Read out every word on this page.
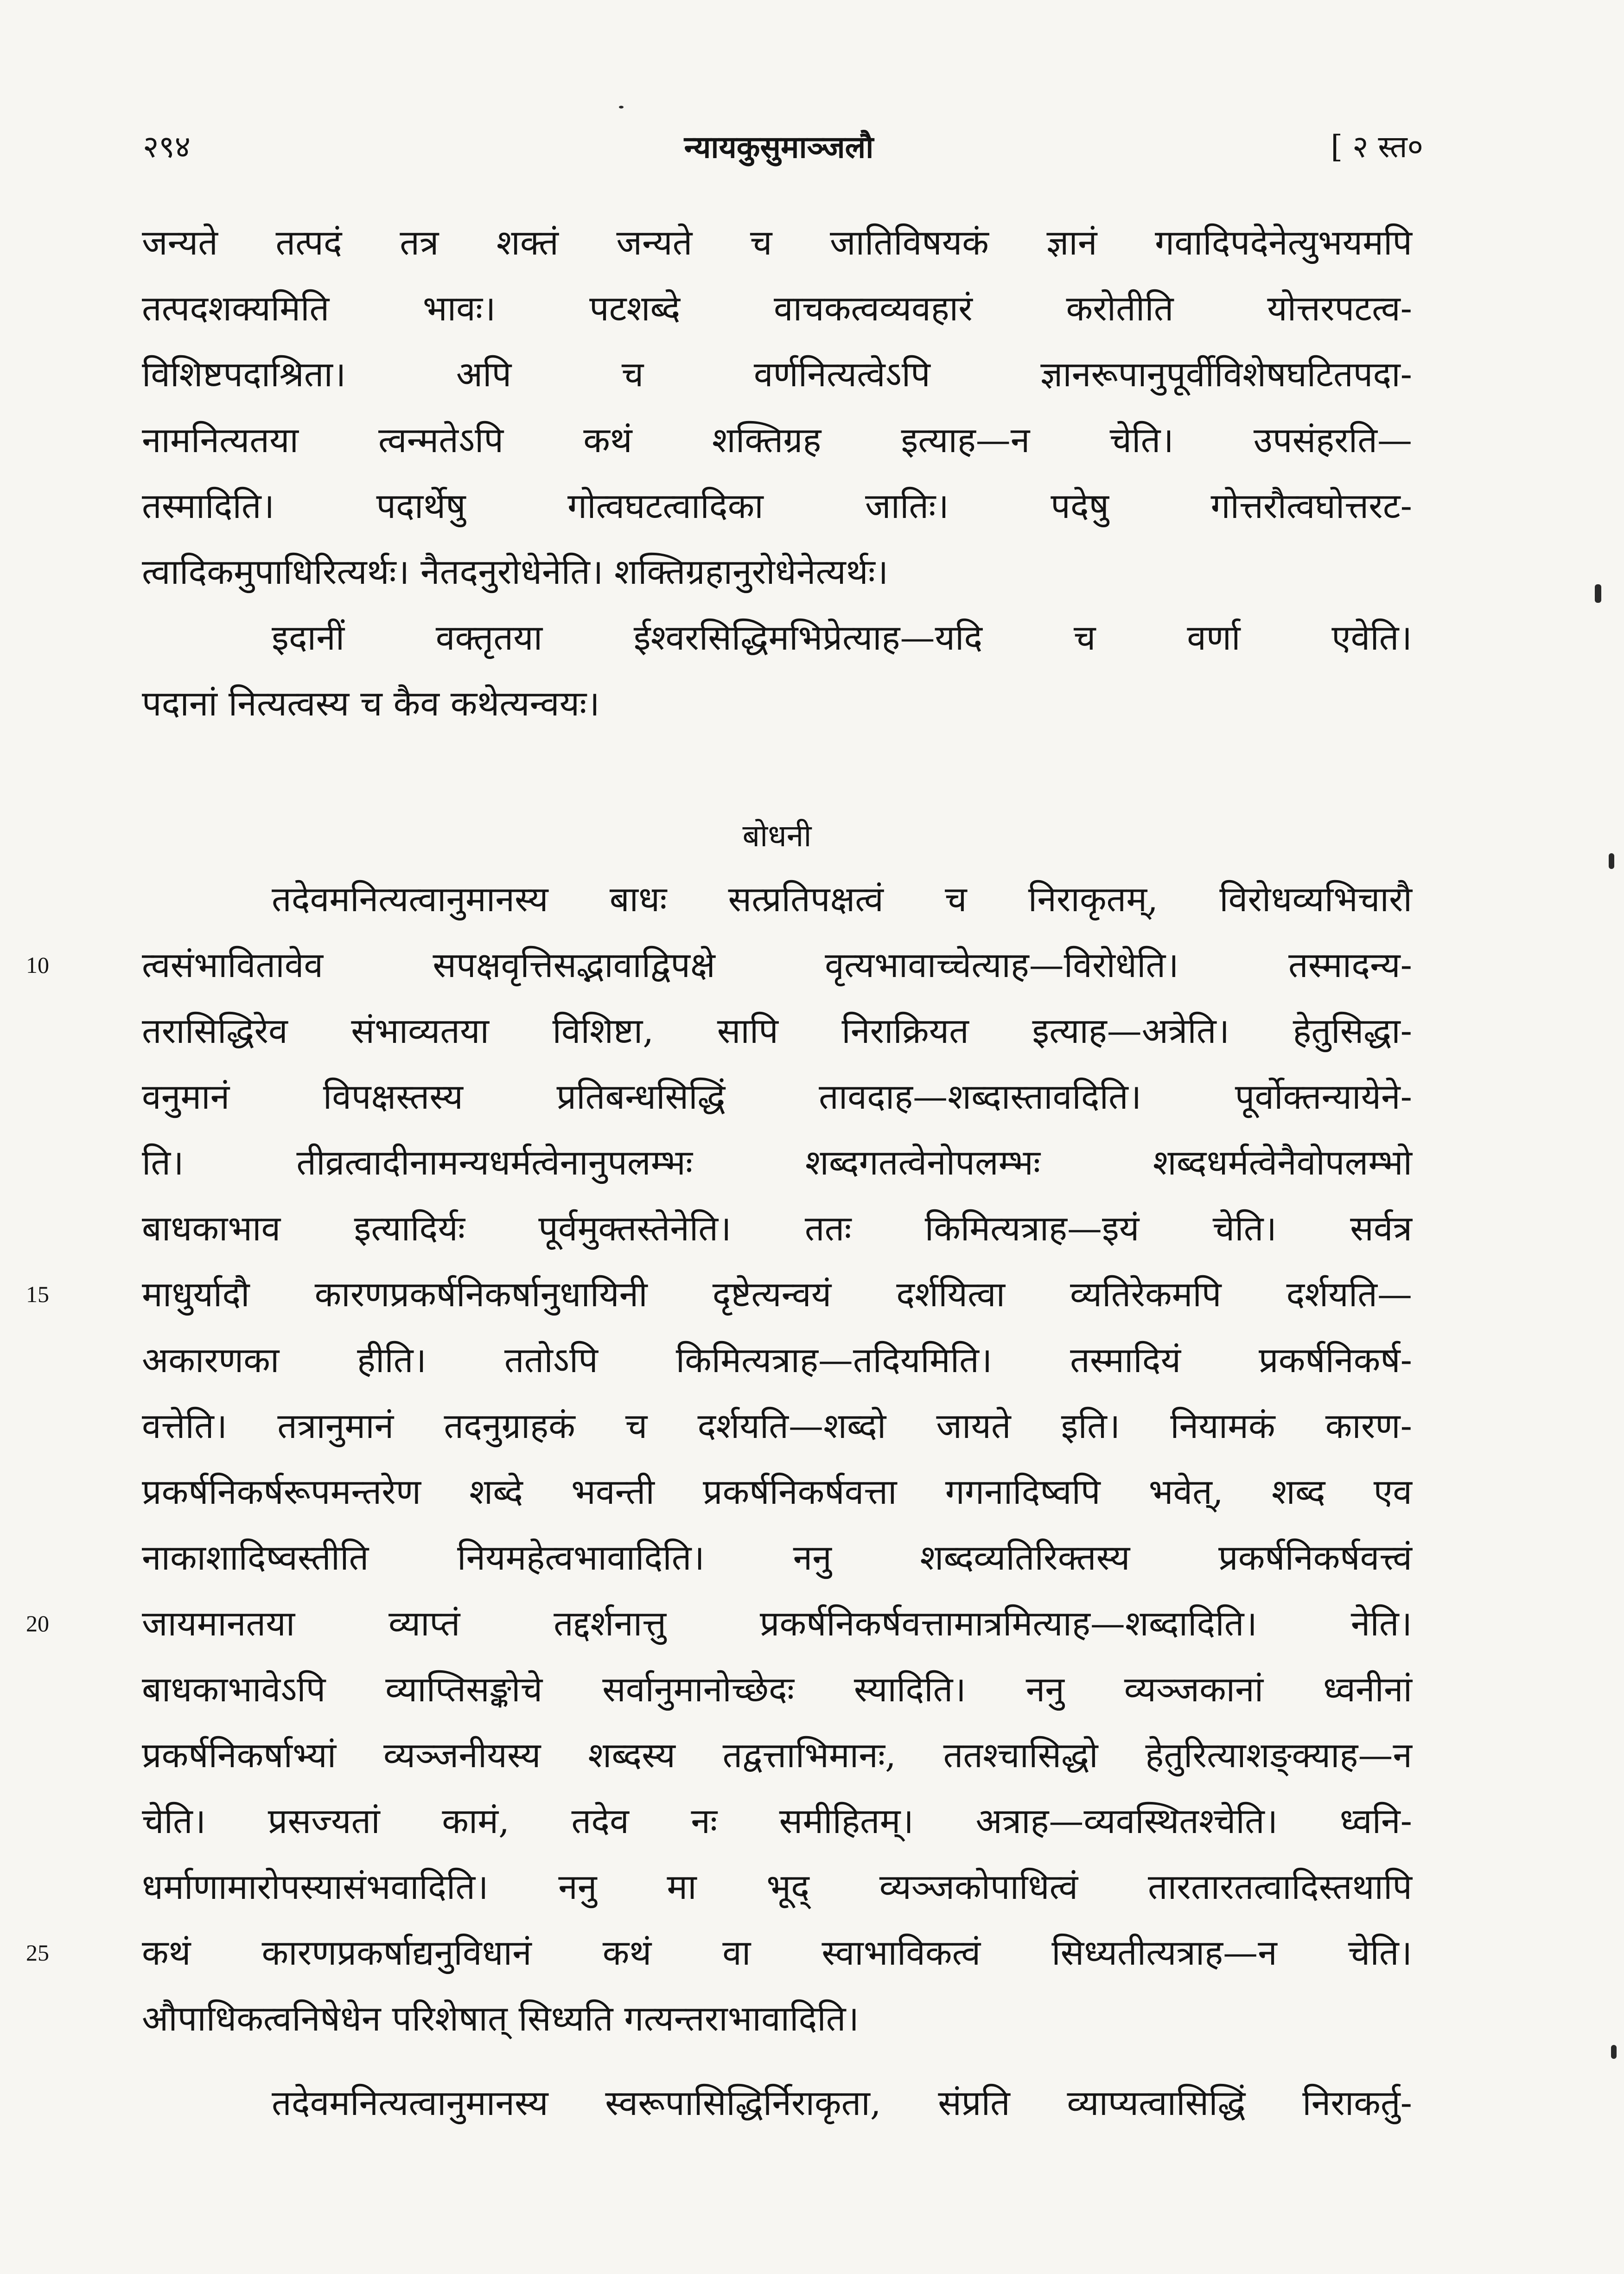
२९४	न्यायकुसुमाञ्जलौ	[ २ स्त०
जन्यते तत्पदं तत्र शक्तं जन्यते च जातिविषयकं ज्ञानं गवादिपदेनेत्युभयमपि
तत्पदशक्यमिति भावः। पटशब्दे वाचकत्वव्यवहारं करोतीति योत्तरपटत्व-
विशिष्टपदाश्रिता। अपि च वर्णनित्यत्वेऽपि ज्ञानरूपानुपूर्वीविशेषघटितपदा-
नामनित्यतया त्वन्मतेऽपि कथं शक्तिग्रह इत्याह—न चेति। उपसंहरति—
तस्मादिति। पदार्थेषु गोत्वघटत्वादिका जातिः। पदेषु गोत्तरौत्वघोत्तरट-
त्वादिकमुपाधिरित्यर्थः। नैतदनुरोधेनेति। शक्तिग्रहानुरोधेनेत्यर्थः।
इदानीं वक्तृतया ईश्वरसिद्धिमभिप्रेत्याह—यदि च वर्णा एवेति।
पदानां नित्यत्वस्य च कैव कथेत्यन्वयः।
बोधनी
तदेवमनित्यत्वानुमानस्य बाधः सत्प्रतिपक्षत्वं च निराकृतम्, विरोधव्यभिचारौ
10	त्वसंभावितावेव सपक्षवृत्तिसद्भावाद्विपक्षे वृत्यभावाच्चेत्याह—विरोधेति। तस्मादन्य-
तरासिद्धिरेव संभाव्यतया विशिष्टा, सापि निराक्रियत इत्याह—अत्रेति। हेतुसिद्धा-
वनुमानं विपक्षस्तस्य प्रतिबन्धसिद्धिं तावदाह—शब्दास्तावदिति। पूर्वोक्तन्यायेने-
ति। तीव्रत्वादीनामन्यधर्मत्वेनानुपलम्भः शब्दगतत्वेनोपलम्भः शब्दधर्मत्वेनैवोपलम्भो
बाधकाभाव इत्यादिर्यः पूर्वमुक्तस्तेनेति। ततः किमित्यत्राह—इयं चेति। सर्वत्र
15	माधुर्यादौ कारणप्रकर्षनिकर्षानुधायिनी दृष्टेत्यन्वयं दर्शयित्वा व्यतिरेकमपि दर्शयति—
अकारणका हीति। ततोऽपि किमित्यत्राह—तदियमिति। तस्मादियं प्रकर्षनिकर्ष-
वत्तेति। तत्रानुमानं तदनुग्राहकं च दर्शयति—शब्दो जायते इति। नियामकं कारण-
प्रकर्षनिकर्षरूपमन्तरेण शब्दे भवन्ती प्रकर्षनिकर्षवत्ता गगनादिष्वपि भवेत्, शब्द एव
नाकाशादिष्वस्तीति नियमहेत्वभावादिति। ननु शब्दव्यतिरिक्तस्य प्रकर्षनिकर्षवत्त्वं
20	जायमानतया व्याप्तं तद्दर्शनात्तु प्रकर्षनिकर्षवत्तामात्रमित्याह—शब्दादिति। नेति।
बाधकाभावेऽपि व्याप्तिसङ्कोचे सर्वानुमानोच्छेदः स्यादिति। ननु व्यञ्जकानां ध्वनीनां
प्रकर्षनिकर्षाभ्यां व्यञ्जनीयस्य शब्दस्य तद्वत्ताभिमानः, ततश्चासिद्धो हेतुरित्याशङ्क्याह—न
चेति। प्रसज्यतां कामं, तदेव नः समीहितम्। अत्राह—व्यवस्थितश्चेति। ध्वनि-
धर्माणामारोपस्यासंभवादिति। ननु मा भूद् व्यञ्जकोपाधित्वं तारतारतत्वादिस्तथापि
25	कथं कारणप्रकर्षाद्यनुविधानं कथं वा स्वाभाविकत्वं सिध्यतीत्यत्राह—न चेति।
औपाधिकत्वनिषेधेन परिशेषात् सिध्यति गत्यन्तराभावादिति।
तदेवमनित्यत्वानुमानस्य स्वरूपासिद्धिर्निराकृता, संप्रति व्याप्यत्वासिद्धिं निराकर्तु-
